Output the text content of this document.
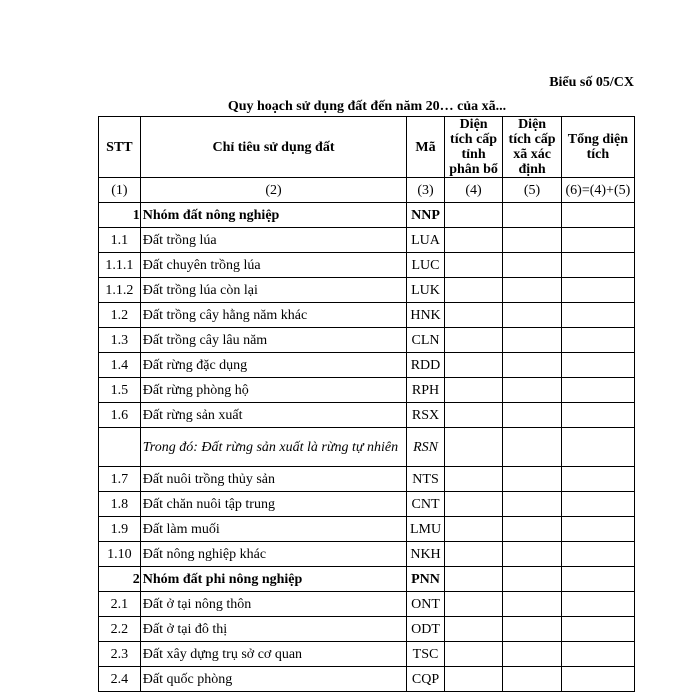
Biểu số 05/CX
Quy hoạch sử dụng đất đến năm 20… của xã...
STT	Chỉ tiêu sử dụng đất	Mã	Diện tích cấp tỉnh phân bổ	Diện tích cấp xã xác định	Tổng diện tích
(1)	(2)	(3)	(4)	(5)	(6)=(4)+(5)
1	Nhóm đất nông nghiệp	NNP			
1.1	Đất trồng lúa	LUA			
1.1.1	Đất chuyên trồng lúa	LUC			
1.1.2	Đất trồng lúa còn lại	LUK			
1.2	Đất trồng cây hằng năm khác	HNK			
1.3	Đất trồng cây lâu năm	CLN			
1.4	Đất rừng đặc dụng	RDD			
1.5	Đất rừng phòng hộ	RPH			
1.6	Đất rừng sản xuất	RSX			
	Trong đó: Đất rừng sản xuất là rừng tự nhiên	RSN			
1.7	Đất nuôi trồng thủy sản	NTS			
1.8	Đất chăn nuôi tập trung	CNT			
1.9	Đất làm muối	LMU			
1.10	Đất nông nghiệp khác	NKH			
2	Nhóm đất phi nông nghiệp	PNN			
2.1	Đất ở tại nông thôn	ONT			
2.2	Đất ở tại đô thị	ODT			
2.3	Đất xây dựng trụ sở cơ quan	TSC			
2.4	Đất quốc phòng	CQP			
